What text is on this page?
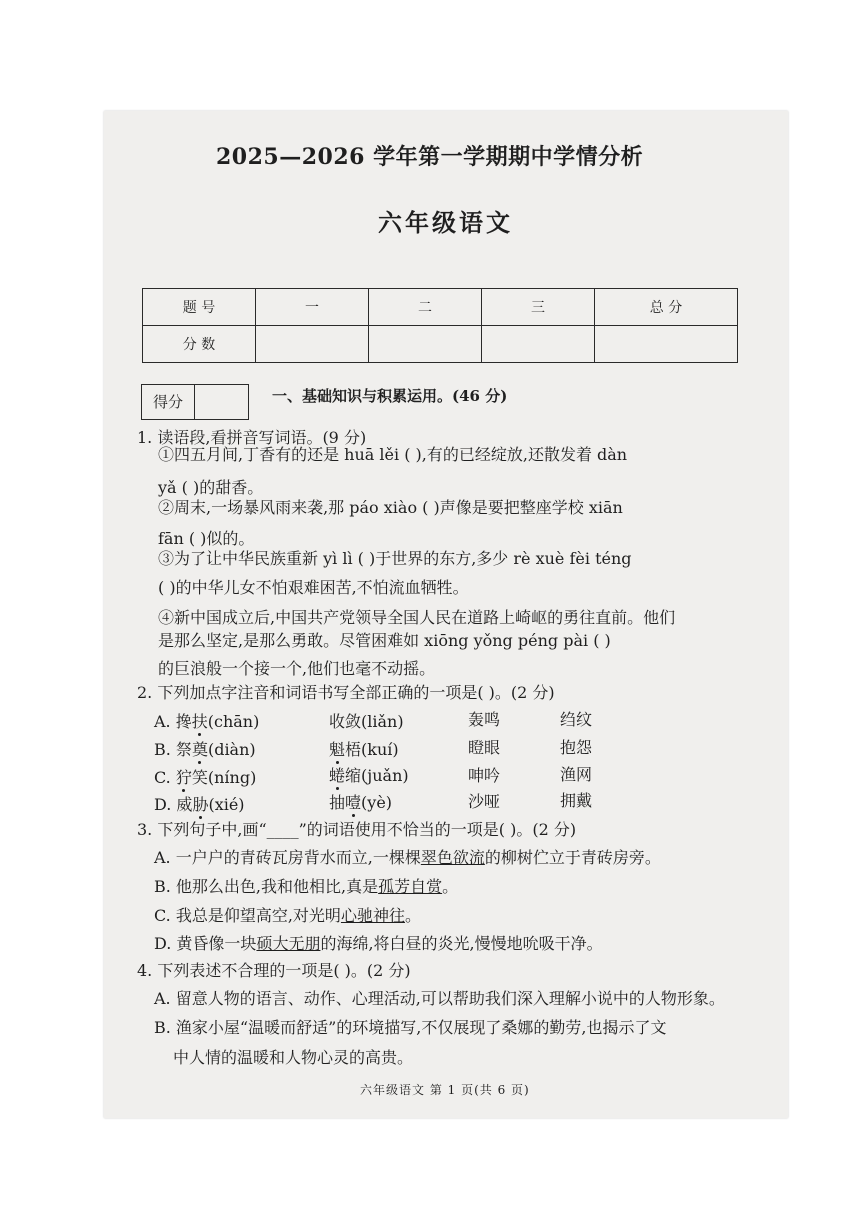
2025—2026 学年第一学期期中学情分析
六年级语文
题 号	一	二	三	总 分
分 数				
得分	一、基础知识与积累运用。(46 分)
1. 读语段,看拼音写词语。(9 分)
①四五月间,丁香有的还是 huā lěi ( ),有的已经绽放,还散发着 dàn
yǎ ( )的甜香。
②周末,一场暴风雨来袭,那 páo xiào ( )声像是要把整座学校 xiān
fān ( )似的。
③为了让中华民族重新 yì lì ( )于世界的东方,多少 rè xuè fèi téng
( )的中华儿女不怕艰难困苦,不怕流血牺牲。
④新中国成立后,中国共产党领导全国人民在道路上崎岖的勇往直前。他们
是那么坚定,是那么勇敢。尽管困难如 xiōng yǒng péng pài ( )
的巨浪般一个接一个,他们也毫不动摇。
2. 下列加点字注音和词语书写全部正确的一项是( )。(2 分)
A. 搀扶(chān)	收敛(liǎn)	轰鸣	绉纹
B. 祭奠(diàn)	魁梧(kuí)	瞪眼	抱怨
C. 狞笑(níng)	蜷缩(juǎn)	呻吟	渔网
D. 威胁(xié)	抽噎(yè)	沙哑	拥戴
3. 下列句子中,画“____”的词语使用不恰当的一项是( )。(2 分)
A. 一户户的青砖瓦房背水而立,一棵棵翠色欲流的柳树伫立于青砖房旁。
B. 他那么出色,我和他相比,真是孤芳自赏。
C. 我总是仰望高空,对光明心驰神往。
D. 黄昏像一块硕大无朋的海绵,将白昼的炎光,慢慢地吮吸干净。
4. 下列表述不合理的一项是( )。(2 分)
A. 留意人物的语言、动作、心理活动,可以帮助我们深入理解小说中的人物形象。
B. 渔家小屋“温暖而舒适”的环境描写,不仅展现了桑娜的勤劳,也揭示了文
中人情的温暖和人物心灵的高贵。
六年级语文 第 1 页(共 6 页)
